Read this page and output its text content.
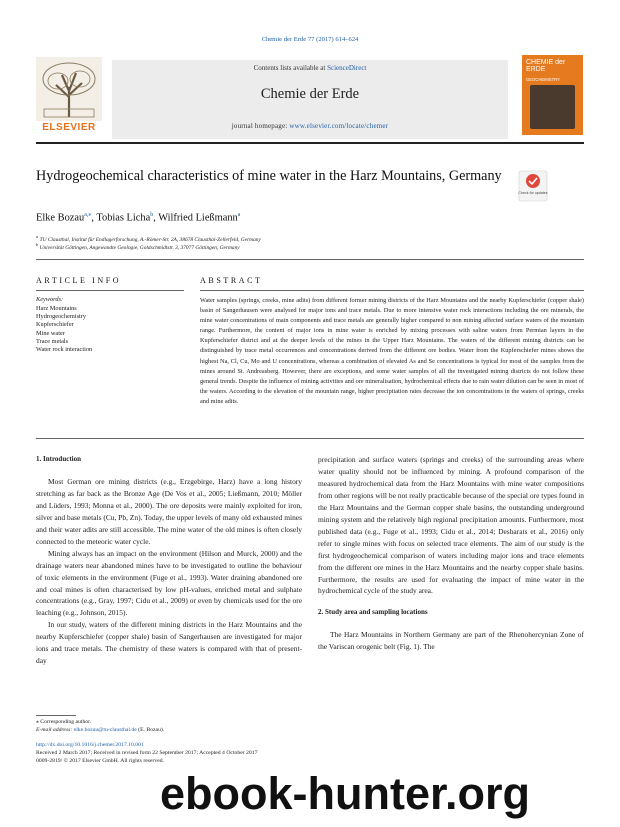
Chemie der Erde 77 (2017) 614–624
ELSEVIER
Contents lists available at ScienceDirect
Chemie der Erde
journal homepage: www.elsevier.com/locate/chemer
CHEMIE der ERDE
GEOCHEMISTRY
Hydrogeochemical characteristics of mine water in the Harz Mountains, Germany
Check for updates
Elke Bozau$^{a,⁎}$, Tobias Licha$^b$, Wilfried Ließmann$^a$
$^a$ TU Clausthal, Institut für Endlagerforschung, A.-Römer-Str. 2A, 38678 Clausthal-Zellerfeld, Germany
$^b$ Universität Göttingen, Angewandte Geologie, Goldschmidtstr. 3, 37077 Göttingen, Germany
ARTICLE INFO
Keywords:
Harz Mountains
Hydrogeochemistry
Kupferschiefer
Mine water
Trace metals
Water rock interaction
ABSTRACT
Water samples (springs, creeks, mine adits) from different former mining districts of the Harz Mountains and the nearby Kupferschiefer (copper shale) basin of Sangerhausen were analysed for major ions and trace metals. Due to more intensive water rock interactions including the ore minerals, the mine water concentrations of main components and trace metals are generally higher compared to non mining affected surface waters of the mountain range. Furthermore, the content of major ions in mine water is enriched by mixing processes with saline waters from Permian layers in the Kupferschiefer district and at the deeper levels of the mines in the Upper Harz Mountains. The waters of the different mining districts can be distinguished by trace metal occurrences and concentrations derived from the different ore bodies. Water from the Kupferschiefer mines shows the highest Na, Cl, Cu, Mo and U concentrations, whereas a combination of elevated As and Se concentrations is typical for most of the samples from the mines around St. Andreasberg. However, there are exceptions, and some water samples of all the investigated mining districts do not follow these general trends. Despite the influence of mining activities and ore mineralisation, hydrochemical effects due to rain water dilution can be seen in most of the waters. According to the elevation of the mountain range, higher precipitation rates decrease the ion concentrations in the waters of springs, creeks and mine adits.

1. Introduction

Most German ore mining districts (e.g., Erzgebirge, Harz) have a long history stretching as far back as the Bronze Age (De Vos et al., 2005; Ließmann, 2010; Möller and Lüders, 1993; Monna et al., 2000). The ore deposits were mainly exploited for iron, silver and base metals (Cu, Pb, Zn). Today, the upper levels of many old exhausted mines and their water adits are still accessible. The mine water of the old mines is often closely connected to the meteoric water cycle.

Mining always has an impact on the environment (Hilson and Murck, 2000) and the drainage waters near abandoned mines have to be investigated to outline the behaviour of toxic elements in the environment (Fuge et al., 1993). Water draining abandoned ore and coal mines is often characterised by low pH-values, enriched metal and sulphate concentrations (e.g., Gray, 1997; Cidu et al., 2009) or even by chemicals used for the ore leaching (e.g., Johnson, 2015).

In our study, waters of the different mining districts in the Harz Mountains and the nearby Kupferschiefer (copper shale) basin of Sangerhausen are investigated for major ions and trace metals. The chemistry of these waters is compared with that of present-day

precipitation and surface waters (springs and creeks) of the surrounding areas where water quality should not be influenced by mining. A profound comparison of the measured hydrochemical data from the Harz Mountains with mine water compositions from other regions will be not really practicable because of the special ore types found in the Harz Mountains and the German copper shale basins, the outstanding underground mining system and the relatively high regional precipitation amounts. Furthermore, most published data (e.g., Fuge et al., 1993; Cidu et al., 2014; Desbarats et al., 2016) only refer to single mines with focus on selected trace elements. The aim of our study is the first hydrogeochemical comparison of waters including major ions and trace elements from the different ore mines in the Harz Mountains and the nearby copper shale basins. Furthermore, the results are used for evaluating the impact of mine water in the hydrochemical cycle of the study area.

2. Study area and sampling locations

The Harz Mountains in Northern Germany are part of the Rhenohercynian Zone of the Variscan orogenic belt (Fig. 1). The

⁎ Corresponding author.
E-mail address: elke.bozau@tu-clausthal.de (E. Bozau).
http://dx.doi.org/10.1016/j.chemer.2017.10.001
Received 2 March 2017; Received in revised form 22 September 2017; Accepted 4 October 2017
0009-2819/ © 2017 Elsevier GmbH. All rights reserved.
ebook-hunter.org
